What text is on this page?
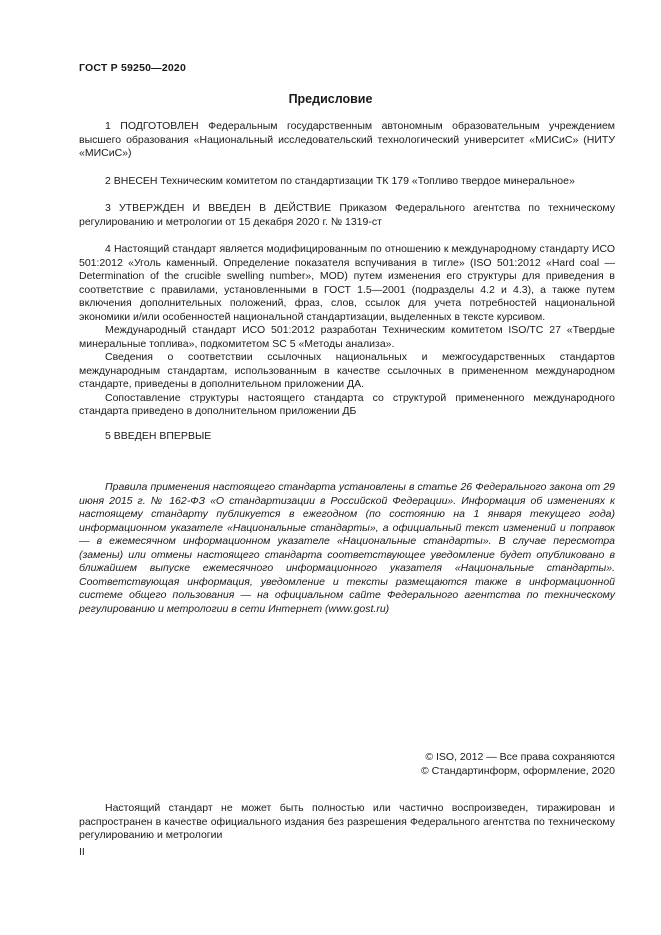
ГОСТ Р 59250—2020
Предисловие

1 ПОДГОТОВЛЕН Федеральным государственным автономным образовательным учреждением высшего образования «Национальный исследовательский технологический университет «МИСиС» (НИТУ «МИСиС»)

2 ВНЕСЕН Техническим комитетом по стандартизации ТК 179 «Топливо твердое минеральное»

3 УТВЕРЖДЕН И ВВЕДЕН В ДЕЙСТВИЕ Приказом Федерального агентства по техническому регулированию и метрологии от 15 декабря 2020 г. № 1319-ст

4 Настоящий стандарт является модифицированным по отношению к международному стандарту ИСО 501:2012 «Уголь каменный. Определение показателя вспучивания в тигле» (ISO 501:2012 «Hard coal — Determination of the crucible swelling number», MOD) путем изменения его структуры для приведения в соответствие с правилами, установленными в ГОСТ 1.5—2001 (подразделы 4.2 и 4.3), а также путем включения дополнительных положений, фраз, слов, ссылок для учета потребностей национальной экономики и/или особенностей национальной стандартизации, выделенных в тексте курсивом.

Международный стандарт ИСО 501:2012 разработан Техническим комитетом ISO/TC 27 «Твердые минеральные топлива», подкомитетом SC 5 «Методы анализа».

Сведения о соответствии ссылочных национальных и межгосударственных стандартов международным стандартам, использованным в качестве ссылочных в примененном международном стандарте, приведены в дополнительном приложении ДА.

Сопоставление структуры настоящего стандарта со структурой примененного международного стандарта приведено в дополнительном приложении ДБ

5 ВВЕДЕН ВПЕРВЫЕ

Правила применения настоящего стандарта установлены в статье 26 Федерального закона от 29 июня 2015 г. № 162-ФЗ «О стандартизации в Российской Федерации». Информация об изменениях к настоящему стандарту публикуется в ежегодном (по состоянию на 1 января текущего года) информационном указателе «Национальные стандарты», а официальный текст изменений и поправок — в ежемесячном информационном указателе «Национальные стандарты». В случае пересмотра (замены) или отмены настоящего стандарта соответствующее уведомление будет опубликовано в ближайшем выпуске ежемесячного информационного указателя «Национальные стандарты». Соответствующая информация, уведомление и тексты размещаются также в информационной системе общего пользования — на официальном сайте Федерального агентства по техническому регулированию и метрологии в сети Интернет (www.gost.ru)

© ISO, 2012 — Все права сохраняются
© Стандартинформ, оформление, 2020

Настоящий стандарт не может быть полностью или частично воспроизведен, тиражирован и распространен в качестве официального издания без разрешения Федерального агентства по техническому регулированию и метрологии

II
